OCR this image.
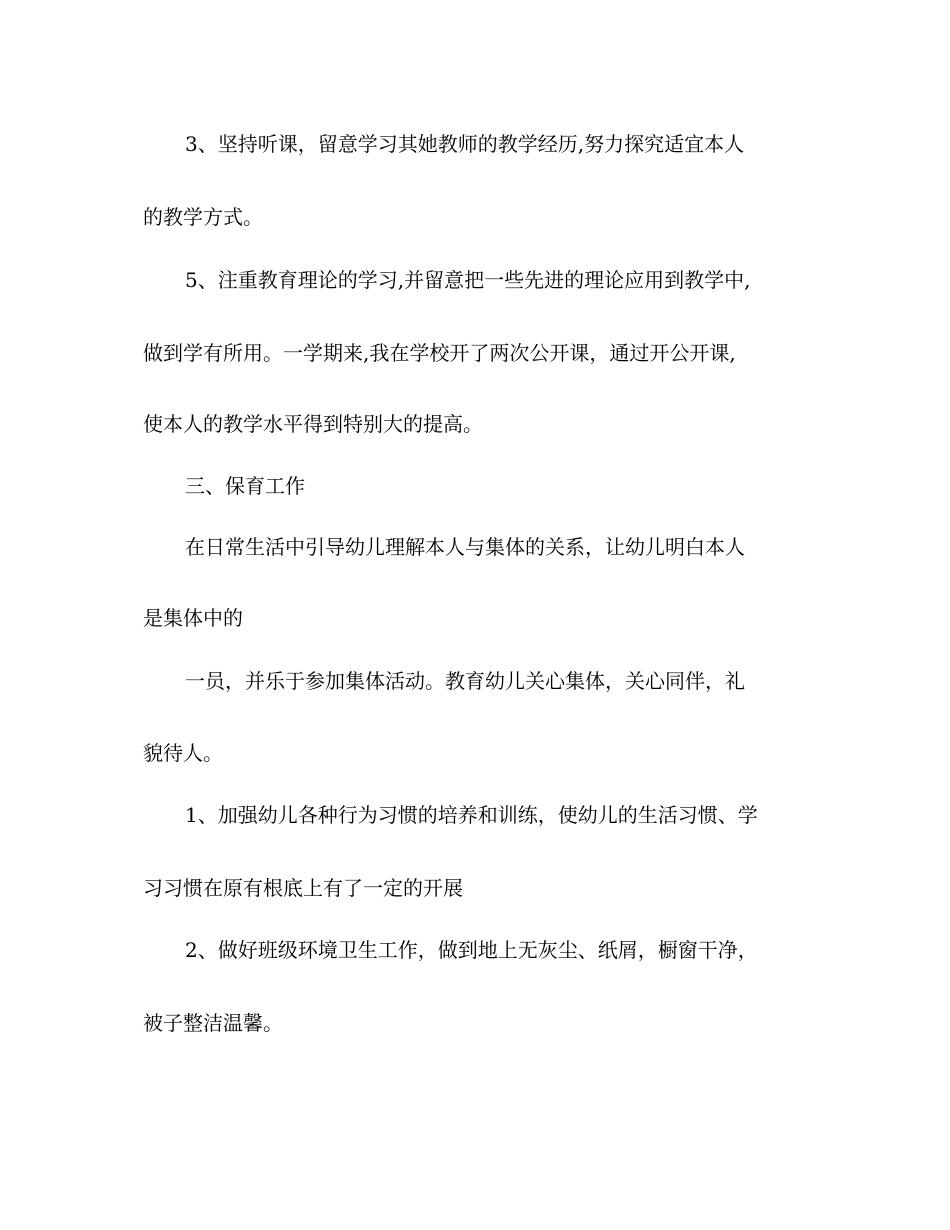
3、坚持听课，留意学习其她教师的教学经历,努力探究适宜本人
的教学方式。
5、注重教育理论的学习,并留意把一些先进的理论应用到教学中,
做到学有所用。一学期来,我在学校开了两次公开课，通过开公开课,
使本人的教学水平得到特别大的提高。
三、保育工作
在日常生活中引导幼儿理解本人与集体的关系，让幼儿明白本人
是集体中的
一员，并乐于参加集体活动。教育幼儿关心集体，关心同伴，礼
貌待人。
1、加强幼儿各种行为习惯的培养和训练，使幼儿的生活习惯、学
习习惯在原有根底上有了一定的开展
2、做好班级环境卫生工作，做到地上无灰尘、纸屑，橱窗干净，
被子整洁温馨。
